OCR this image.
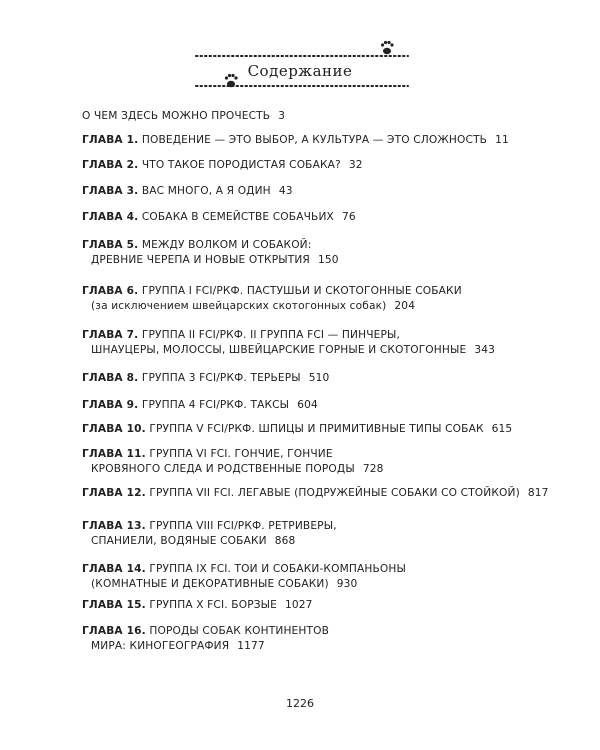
Содержание
О ЧЕМ ЗДЕСЬ МОЖНО ПРОЧЕСТЬ 3
ГЛАВА 1. ПОВЕДЕНИЕ — ЭТО ВЫБОР, А КУЛЬТУРА — ЭТО СЛОЖНОСТЬ 11
ГЛАВА 2. ЧТО ТАКОЕ ПОРОДИСТАЯ СОБАКА? 32
ГЛАВА 3. ВАС МНОГО, А Я ОДИН 43
ГЛАВА 4. СОБАКА В СЕМЕЙСТВЕ СОБАЧЬИХ 76
ГЛАВА 5. МЕЖДУ ВОЛКОМ И СОБАКОЙ:
ДРЕВНИЕ ЧЕРЕПА И НОВЫЕ ОТКРЫТИЯ 150
ГЛАВА 6. ГРУППА I FCI/РКФ. ПАСТУШЬИ И СКОТОГОННЫЕ СОБАКИ
(за исключением швейцарских скотогонных собак) 204
ГЛАВА 7. ГРУППА II FCI/РКФ. II ГРУППА FCI — ПИНЧЕРЫ,
ШНАУЦЕРЫ, МОЛОССЫ, ШВЕЙЦАРСКИЕ ГОРНЫЕ И СКОТОГОННЫЕ 343
ГЛАВА 8. ГРУППА 3 FCI/РКФ. ТЕРЬЕРЫ 510
ГЛАВА 9. ГРУППА 4 FCI/РКФ. ТАКСЫ 604
ГЛАВА 10. ГРУППА V FCI/РКФ. ШПИЦЫ И ПРИМИТИВНЫЕ ТИПЫ СОБАК 615
ГЛАВА 11. ГРУППА VI FCI. ГОНЧИЕ, ГОНЧИЕ
КРОВЯНОГО СЛЕДА И РОДСТВЕННЫЕ ПОРОДЫ 728
ГЛАВА 12. ГРУППА VII FCI. ЛЕГАВЫЕ (ПОДРУЖЕЙНЫЕ СОБАКИ СО СТОЙКОЙ) 817
ГЛАВА 13. ГРУППА VIII FCI/РКФ. РЕТРИВЕРЫ,
СПАНИЕЛИ, ВОДЯНЫЕ СОБАКИ 868
ГЛАВА 14. ГРУППА IX FCI. ТОИ И СОБАКИ-КОМПАНЬОНЫ
(КОМНАТНЫЕ И ДЕКОРАТИВНЫЕ СОБАКИ) 930
ГЛАВА 15. ГРУППА X FCI. БОРЗЫЕ 1027
ГЛАВА 16. ПОРОДЫ СОБАК КОНТИНЕНТОВ
МИРА: КИНОГЕОГРАФИЯ 1177
1226
